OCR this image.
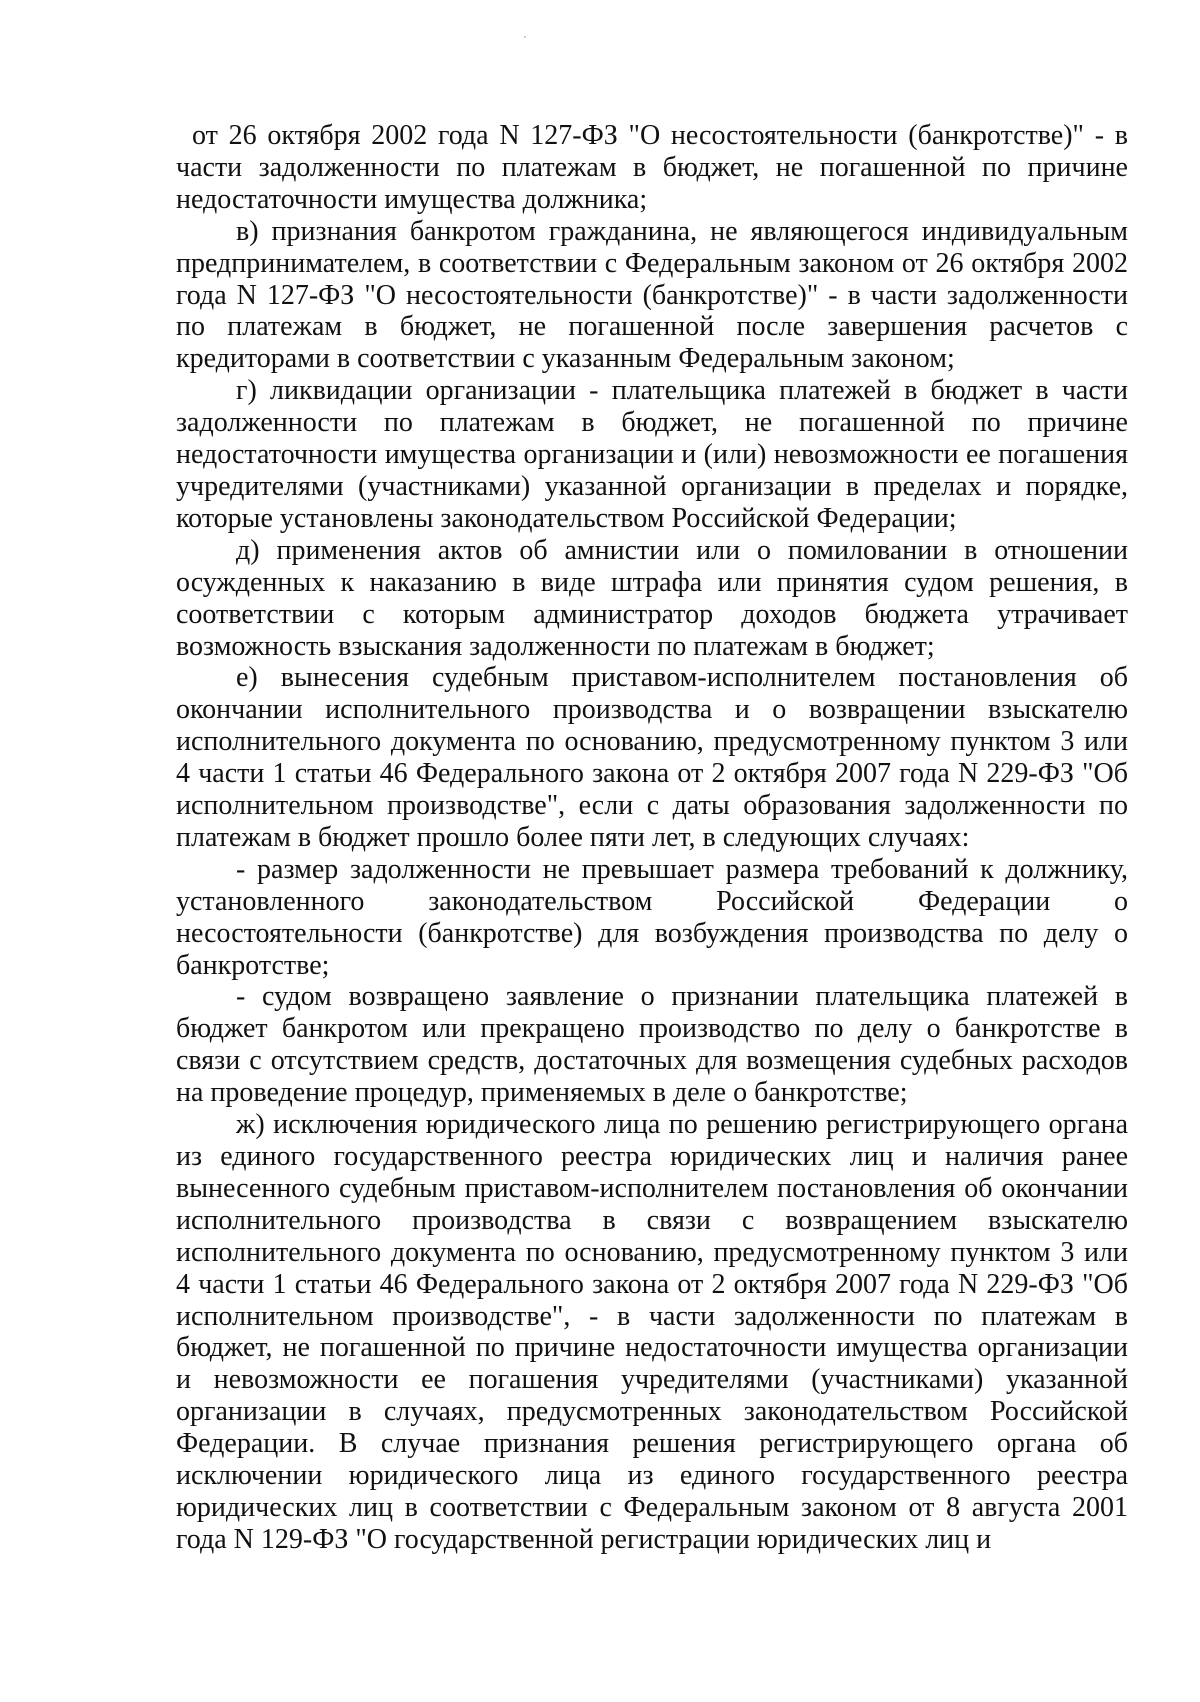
от 26 октября 2002 года N 127-ФЗ "О несостоятельности (банкротстве)" - в части задолженности по платежам в бюджет, не погашенной по причине недостаточности имущества должника;

в) признания банкротом гражданина, не являющегося индивидуальным предпринимателем, в соответствии с Федеральным законом от 26 октября 2002 года N 127-ФЗ "О несостоятельности (банкротстве)" - в части задолженности по платежам в бюджет, не погашенной после завершения расчетов с кредиторами в соответствии с указанным Федеральным законом;

г) ликвидации организации - плательщика платежей в бюджет в части задолженности по платежам в бюджет, не погашенной по причине недостаточности имущества организации и (или) невозможности ее погашения учредителями (участниками) указанной организации в пределах и порядке, которые установлены законодательством Российской Федерации;

д) применения актов об амнистии или о помиловании в отношении осужденных к наказанию в виде штрафа или принятия судом решения, в соответствии с которым администратор доходов бюджета утрачивает возможность взыскания задолженности по платежам в бюджет;

е) вынесения судебным приставом-исполнителем постановления об окончании исполнительного производства и о возвращении взыскателю исполнительного документа по основанию, предусмотренному пунктом 3 или 4 части 1 статьи 46 Федерального закона от 2 октября 2007 года N 229-ФЗ "Об исполнительном производстве", если с даты образования задолженности по платежам в бюджет прошло более пяти лет, в следующих случаях:

- размер задолженности не превышает размера требований к должнику, установленного законодательством Российской Федерации о несостоятельности (банкротстве) для возбуждения производства по делу о банкротстве;

- судом возвращено заявление о признании плательщика платежей в бюджет банкротом или прекращено производство по делу о банкротстве в связи с отсутствием средств, достаточных для возмещения судебных расходов на проведение процедур, применяемых в деле о банкротстве;

ж) исключения юридического лица по решению регистрирующего органа из единого государственного реестра юридических лиц и наличия ранее вынесенного судебным приставом-исполнителем постановления об окончании исполнительного производства в связи с возвращением взыскателю исполнительного документа по основанию, предусмотренному пунктом 3 или 4 части 1 статьи 46 Федерального закона от 2 октября 2007 года N 229-ФЗ "Об исполнительном производстве", - в части задолженности по платежам в бюджет, не погашенной по причине недостаточности имущества организации и невозможности ее погашения учредителями (участниками) указанной организации в случаях, предусмотренных законодательством Российской Федерации. В случае признания решения регистрирующего органа об исключении юридического лица из единого государственного реестра юридических лиц в соответствии с Федеральным законом от 8 августа 2001 года N 129-ФЗ "О государственной регистрации юридических лиц и
